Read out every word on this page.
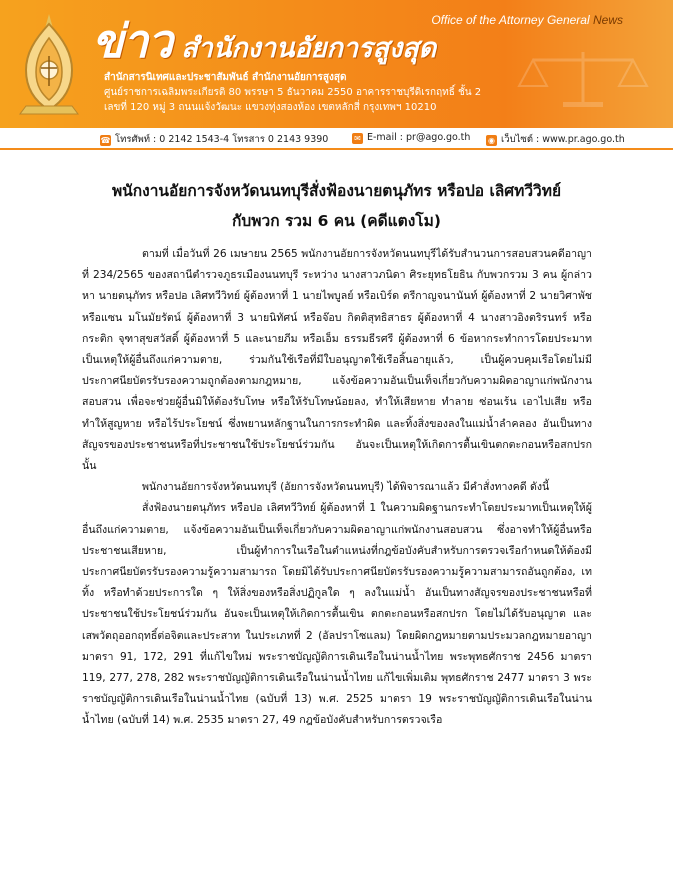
Office of the Attorney General News
ข่าว สำนักงานอัยการสูงสุด
สำนักสารนิเทศและประชาสัมพันธ์ สำนักงานอัยการสูงสุด
ศูนย์ราชการเฉลิมพระเกียรติ 80 พรรษา 5 ธันวาคม 2550 อาคารราชบุรีดิเรกฤทธิ์ ชั้น 2
เลขที่ 120 หมู่ 3 ถนนแจ้งวัฒนะ แขวงทุ่งสองห้อง เขตหลักสี่ กรุงเทพฯ 10210
☎ โทรศัพท์ : 0 2142 1543-4 โทรสาร 0 2143 9390	✉ E-mail : pr@ago.go.th ◉ เว็บไซต์ : www.pr.ago.go.th
พนักงานอัยการจังหวัดนนทบุรีสั่งฟ้องนายตนุภัทร หรือปอ เลิศทวีวิทย์
กับพวก รวม 6 คน (คดีแตงโม)

ตามที่ เมื่อวันที่ 26 เมษายน 2565 พนักงานอัยการจังหวัดนนทบุรีได้รับสำนวนการสอบสวนคดีอาญาที่ 234/2565 ของสถานีตำรวจภูธรเมืองนนทบุรี ระหว่าง นางสาวภนิดา ศิระยุทธโยธิน กับพวกรวม 3 คน ผู้กล่าวหา นายตนุภัทร หรือปอ เลิศทวีวิทย์ ผู้ต้องหาที่ 1 นายไพบูลย์ หรือเบิร์ด ตรีกาญจนานันท์ ผู้ต้องหาที่ 2 นายวิศาพัช หรือแซน มโนมัยรัตน์ ผู้ต้องหาที่ 3 นายนิทัศน์ หรือจ๊อบ กิตติสุทธิสาธร ผู้ต้องหาที่ 4 นางสาวอิงตริรนทร์ หรือกระติก จุฑาสุขสวัสดิ์ ผู้ต้องหาที่ 5 และนายภีม หรือเอ็ม ธรรมธีรศรี ผู้ต้องหาที่ 6 ข้อหากระทำการโดยประมาทเป็นเหตุให้ผู้อื่นถึงแก่ความตาย, ร่วมกันใช้เรือที่มีใบอนุญาตใช้เรือสิ้นอายุแล้ว, เป็นผู้ควบคุมเรือโดยไม่มีประกาศนียบัตรรับรองความถูกต้องตามกฎหมาย, แจ้งข้อความอันเป็นเท็จเกี่ยวกับความผิดอาญาแก่พนักงานสอบสวน เพื่อจะช่วยผู้อื่นมิให้ต้องรับโทษ หรือให้รับโทษน้อยลง, ทำให้เสียหาย ทำลาย ซ่อนเร้น เอาไปเสีย หรือทำให้สูญหาย หรือไร้ประโยชน์ ซึ่งพยานหลักฐานในการกระทำผิด และทิ้งสิ่งของลงในแม่น้ำลำคลอง อันเป็นทางสัญจรของประชาชนหรือที่ประชาชนใช้ประโยชน์ร่วมกัน อันจะเป็นเหตุให้เกิดการตื้นเขินตกตะกอนหรือสกปรก นั้น

พนักงานอัยการจังหวัดนนทบุรี (อัยการจังหวัดนนทบุรี) ได้พิจารณาแล้ว มีคำสั่งทางคดี ดังนี้

สั่งฟ้องนายตนุภัทร หรือปอ เลิศทวีวิทย์ ผู้ต้องหาที่ 1 ในความผิดฐานกระทำโดยประมาทเป็นเหตุให้ผู้อื่นถึงแก่ความตาย, แจ้งข้อความอันเป็นเท็จเกี่ยวกับความผิดอาญาแก่พนักงานสอบสวน ซึ่งอาจทำให้ผู้อื่นหรือประชาชนเสียหาย, เป็นผู้ทำการในเรือในตำแหน่งที่กฎข้อบังคับสำหรับการตรวจเรือกำหนดให้ต้องมีประกาศนียบัตรรับรองความรู้ความสามารถ โดยมิได้รับประกาศนียบัตรรับรองความรู้ความสามารถอันถูกต้อง, เท ทิ้ง หรือทำด้วยประการใด ๆ ให้สิ่งของหรือสิ่งปฏิกูลใด ๆ ลงในแม่น้ำ อันเป็นทางสัญจรของประชาชนหรือที่ประชาชนใช้ประโยชน์ร่วมกัน อันจะเป็นเหตุให้เกิดการตื้นเขิน ตกตะกอนหรือสกปรก โดยไม่ได้รับอนุญาต และเสพวัตถุออกฤทธิ์ต่อจิตและประสาท ในประเภทที่ 2 (อัลปราโซแลม) โดยผิดกฎหมายตามประมวลกฎหมายอาญา มาตรา 91, 172, 291 ที่แก้ไขใหม่ พระราชบัญญัติการเดินเรือในน่านน้ำไทย พระพุทธศักราช 2456 มาตรา 119, 277, 278, 282 พระราชบัญญัติการเดินเรือในน่านน้ำไทย แก้ไขเพิ่มเติม พุทธศักราช 2477 มาตรา 3 พระราชบัญญัติการเดินเรือในน่านน้ำไทย (ฉบับที่ 13) พ.ศ. 2525 มาตรา 19 พระราชบัญญัติการเดินเรือในน่านน้ำไทย (ฉบับที่ 14) พ.ศ. 2535 มาตรา 27, 49 กฎข้อบังคับสำหรับการตรวจเรือ
